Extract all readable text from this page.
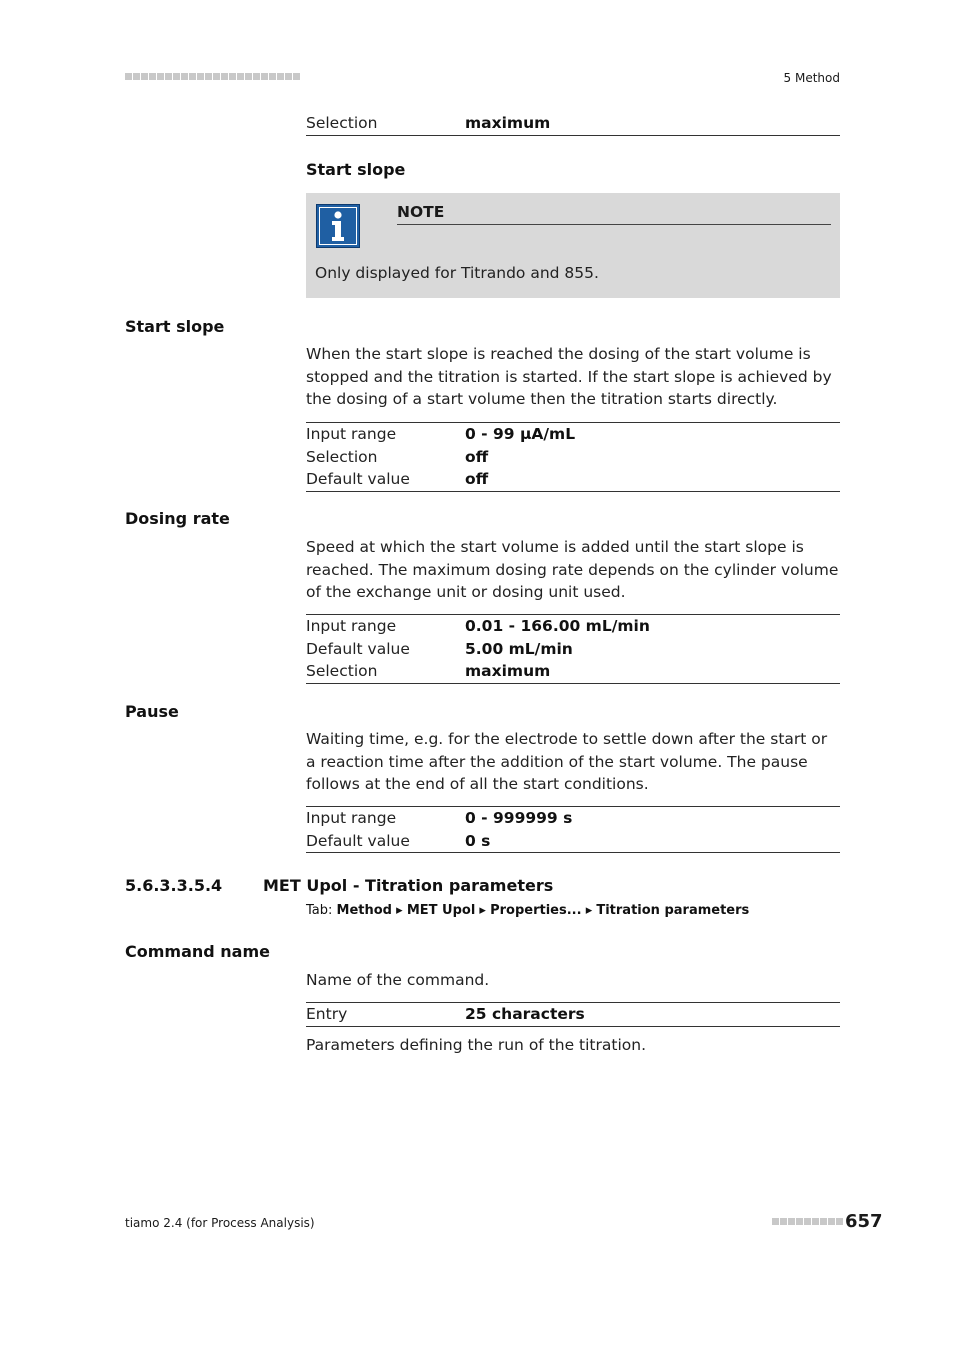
5 Method
Selection	maximum
Start slope
NOTE
Only displayed for Titrando and 855.
Start slope
When the start slope is reached the dosing of the start volume is stopped and the titration is started. If the start slope is achieved by the dosing of a start volume then the titration starts directly.
Input range	0 - 99 µA/mL
Selection	off
Default value	off
Dosing rate
Speed at which the start volume is added until the start slope is reached. The maximum dosing rate depends on the cylinder volume of the exchange unit or dosing unit used.
Input range	0.01 - 166.00 mL/min
Default value	5.00 mL/min
Selection	maximum
Pause
Waiting time, e.g. for the electrode to settle down after the start or a reaction time after the addition of the start volume. The pause follows at the end of all the start conditions.
Input range	0 - 999999 s
Default value	0 s
5.6.3.3.5.4	MET Upol - Titration parameters
Tab: Method ▸ MET Upol ▸ Properties... ▸ Titration parameters
Command name
Name of the command.
Entry	25 characters
Parameters defining the run of the titration.
tiamo 2.4 (for Process Analysis)	657
